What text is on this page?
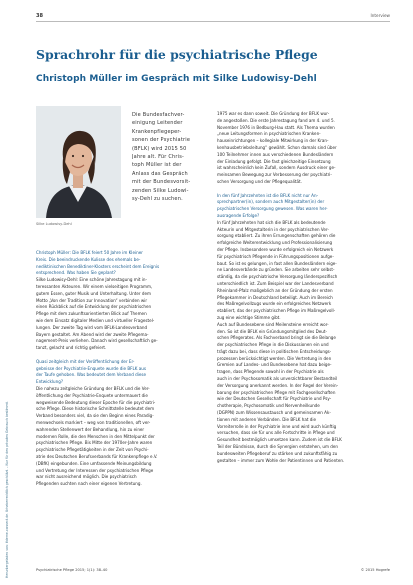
Heruntergeladen von: thieme-connect.de. Urheberrechtlich geschützt. – Nur für den privaten Gebrauch bestimmt.
38	Interview
Sprachrohr für die psychiatrische Pflege
Christoph Müller im Gespräch mit Silke Ludowisy-Dehl
Silke Ludowisy-Dehl
Die Bundesfachver-
einigung Leitender
Krankenpflegeper-
sonen der Psychiatrie
(BFLK) wird 2015 50
Jahre alt. Für Chris-
toph Müller ist der
Anlass das Gespräch
mit der Bundesvorsit-
zenden Silke Ludowi-
sy-Dehl zu suchen.
Christoph Müller: Die BFLK feiert 50 Jahre im Kleiner
Kreis. Die beeindruckende Kulisse des ehemals be-
nediktinischen Benediktiner-Klosters erscheint dem Ereignis
entsprechend. Was haben Sie geplant?
Silke Ludowisy-Dehl: Eine schöne Jahrestagung mit in-
teressanten Akteuren. Wir einem vielseitigen Programm,
gutem Essen, guter Musik und Unterhaltung. Unter dem
Motto „Von der Tradition zur Innovation“ verbinden wir
einen Rückblick auf die Entwicklung der psychiatrischen
Pflege mit dem zukunftsorientierten Blick auf Themen
wie dem Einsatz digitaler Medien und virtueller Fragestel-
lungen. Der zweite Tag wird vom BFLK-Landesverband
Bayern gestaltet. Am Abend wird der zweite Pflegema-
nagement-Preis verliehen. Danach wird gesellschaftlich ge-
tanzt, gelacht und richtig gefeiert.

Quasi zeitgleich mit der Veröffentlichung der Er-
gebnisse der Psychiatrie-Enquete wurde die BFLK aus
der Taufe gehoben. Was bedeutet dem Verband diese
Entwicklung?
Die nahezu zeitgleiche Gründung der BFLK und die Ver-
öffentlichung der Psychiatrie-Enquete untermauert die
wegweisende Bedeutung dieser Epoche für die psychiatri-
sche Pflege. Diese historische Schnittstelle bedeutet dem
Verband besonders viel, da sie den Beginn eines Paradig-
menwechsels markiert – weg von traditionellen, oft ver-
wahrenden Stellenwert der Behandlung, hin zu einer
modernen Rolle, die den Menschen in den Mittelpunkt der
psychiatrischen Pflege. Bis Mitte der 1970er-Jahre waren
psychiatrische Pflegetätigkeiten in der Zeit von Psychi-
atrie des Deutschen Berufsverbands für Krankenpflege e.V.
(DBfK) eingebunden. Eine umfassende Meinungsbildung
und Vertretung der Interessen der psychiatrischen Pflege
war nicht ausreichend möglich. Die psychiatrisch
Pflegenden suchten nach einer eigenen Vertretung.
1975 war es dann soweit. Die Gründung der BFLK wur-
de angestoßen. Die erste Jahrestagung fand am 4. und 5.
November 1976 in Bedburg-Hau statt. Als Thema wurden
„neue Leitungsformen in psychiatrischen Kranken-
hauseinrichtungen – kollegiale Mitwirkung in der Kran-
kenhausbetriebsleitung“ gewählt. Schon damals sind über
100 Teilnehmer innen aus verschiedenen Bundesländern
der Einladung gefolgt. Die fast gleichzeitige Einsetzung
ist wahrscheinlich kein Zufall, sondern Ausdruck einer ge-
meinsamen Bewegung zur Verbesserung der psychiatri-
schen Versorgung und der Pflegequalität.

In den fünf Jahrzehnten ist die BFLK nicht nur An-
sprechpartner(in), sondern auch Mitgestalter(in) der
psychiatrischen Versorgung gewesen. Was waren her-
ausragende Erfolge?
In fünf Jahrzehnten hat sich die BFLK als bedeutende
Akteurin und Mitgestalterin in der psychiatrischen Ver-
sorgung etabliert. Zu ihren Errungenschaften gehören die
erfolgreiche Weiterentwicklung und Professionalisierung
der Pflege. Insbesondere wurde erfolgreich ein Netzwerk
für psychiatrisch Pflegende in Führungspositionen aufge-
baut. So ist es gelungen, in fast allen Bundesländern eige-
ne Landesverbände zu gründen. Sie arbeiten sehr selbst-
ständig, da die psychiatrische Versorgung länderspezifisch
unterschiedlich ist. Zum Beispiel war der Landesverband
Rheinland-Pfalz maßgeblich an der Gründung der ersten
Pflegekammer in Deutschland beteiligt. Auch im Bereich
des Maßregelvollzugs wurde ein erfolgreiches Netzwerk
etabliert, das der psychiatrischen Pflege im Maßregelvoll-
zug eine wichtige Stimme gibt.
Auch auf Bundesebene sind Meilensteine erreicht wor-
den. So ist die BFLK ein Gründungsmitglied des Deut-
schen Pflegerates. Als Fachverband bringt sie die Belange
der psychiatrischen Pflege in die Diskussionen ein und
trägt dazu bei, dass diese in politischen Entscheidungs-
prozessen berücksichtigt werden. Die Vertretung in den
Gremien auf Landes- und Bundesebene hat dazu beige-
tragen, dass Pflegende sowohl in der Psychiatrie als
auch in der Psychosomatik als unverzichtbarer Bestandteil
der Versorgung anerkannt werden. In der Regel der Verein-
barung der psychiatrischen Pflege mit Fachgesellschaften
wie der Deutschen Gesellschaft für Psychiatrie und Psy-
chotherapie, Psychosomatik und Nervenheilkunde
(DGPPN) zum Wissensaustausch und gemeinsamen Ak-
tionen mit anderen Verbänden. Die BFLK hat die
Vorreiterrolle in der Psychiatrie inne und wird auch künftig
versuchen, dass sie für uns alle Fortschritte in Pflege und
Gesundheit bestmöglich umsetzen kann. Zudem ist die BFLK
Teil der Bündnisse, durch die Synergien entstehen, um den
bundesweiten Pflegeberuf zu stärken und zukunftsfähig zu
gestalten – immer zum Wohle der Patientinnen und Patienten.
Psychiatrische Pflege 2015; 1(1): 38–40	© 2015 Hogrefe
